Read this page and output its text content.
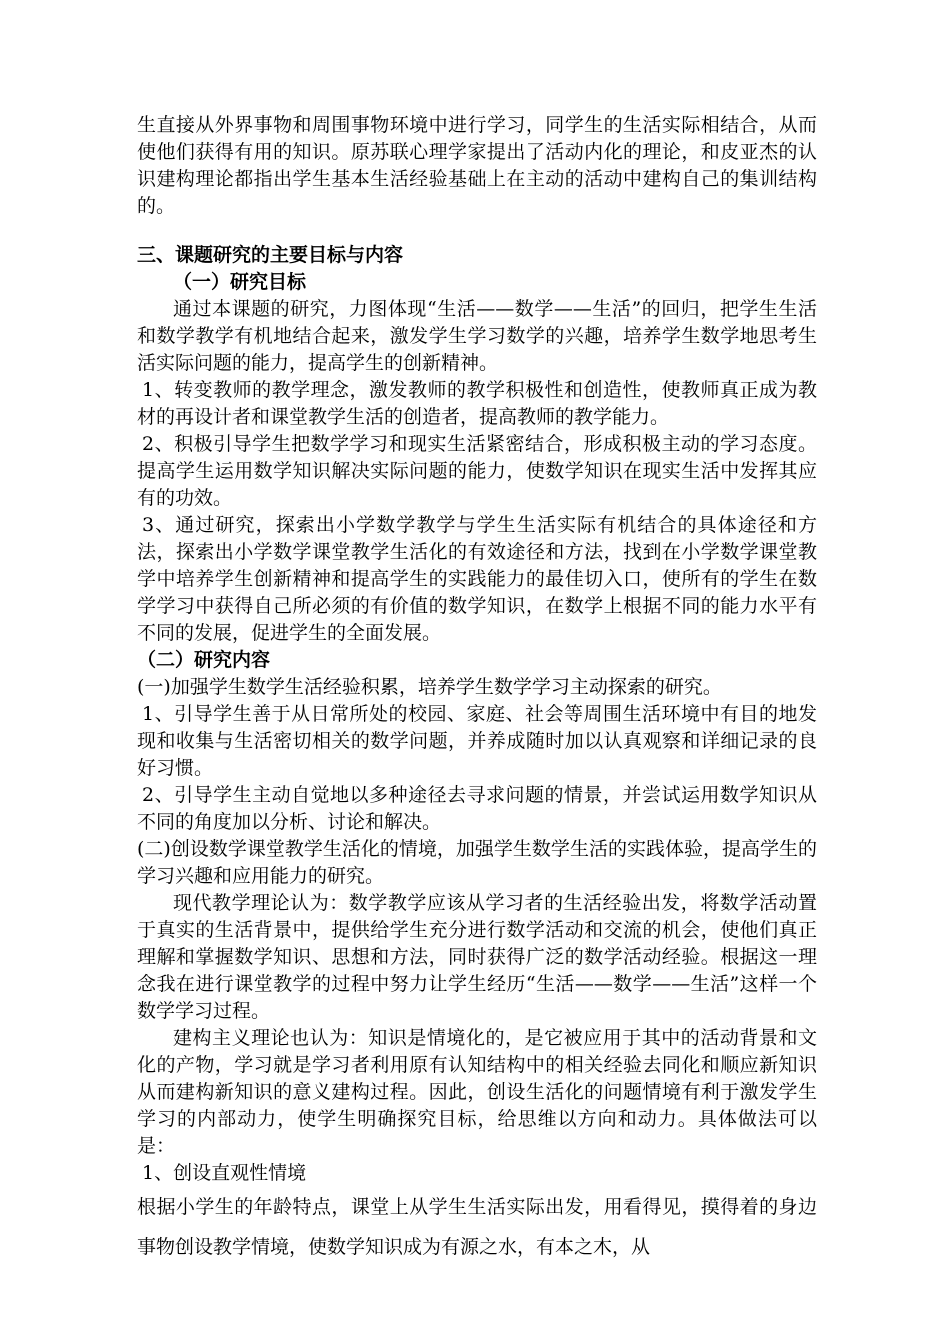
生直接从外界事物和周围事物环境中进行学习，同学生的生活实际相结合，从而使他们获得有用的知识。原苏联心理学家提出了活动内化的理论，和皮亚杰的认识建构理论都指出学生基本生活经验基础上在主动的活动中建构自己的集训结构的。

三、课题研究的主要目标与内容

（一）研究目标

通过本课题的研究，力图体现“生活——数学——生活”的回归，把学生生活和数学教学有机地结合起来，激发学生学习数学的兴趣，培养学生数学地思考生活实际问题的能力，提高学生的创新精神。

1、转变教师的教学理念，激发教师的教学积极性和创造性，使教师真正成为教材的再设计者和课堂教学生活的创造者，提高教师的教学能力。

2、积极引导学生把数学学习和现实生活紧密结合，形成积极主动的学习态度。提高学生运用数学知识解决实际问题的能力，使数学知识在现实生活中发挥其应有的功效。

3、通过研究，探索出小学数学教学与学生生活实际有机结合的具体途径和方法，探索出小学数学课堂教学生活化的有效途径和方法，找到在小学数学课堂教学中培养学生创新精神和提高学生的实践能力的最佳切入口，使所有的学生在数学学习中获得自己所必须的有价值的数学知识，在数学上根据不同的能力水平有不同的发展，促进学生的全面发展。

（二）研究内容

(一)加强学生数学生活经验积累，培养学生数学学习主动探索的研究。

1、引导学生善于从日常所处的校园、家庭、社会等周围生活环境中有目的地发现和收集与生活密切相关的数学问题，并养成随时加以认真观察和详细记录的良好习惯。

2、引导学生主动自觉地以多种途径去寻求问题的情景，并尝试运用数学知识从不同的角度加以分析、讨论和解决。

(二)创设数学课堂教学生活化的情境，加强学生数学生活的实践体验，提高学生的学习兴趣和应用能力的研究。

现代教学理论认为：数学教学应该从学习者的生活经验出发，将数学活动置于真实的生活背景中，提供给学生充分进行数学活动和交流的机会，使他们真正理解和掌握数学知识、思想和方法，同时获得广泛的数学活动经验。根据这一理念我在进行课堂教学的过程中努力让学生经历“生活——数学——生活”这样一个数学学习过程。

建构主义理论也认为：知识是情境化的，是它被应用于其中的活动背景和文化的产物，学习就是学习者利用原有认知结构中的相关经验去同化和顺应新知识从而建构新知识的意义建构过程。因此，创设生活化的问题情境有利于激发学生学习的内部动力，使学生明确探究目标，给思维以方向和动力。具体做法可以是：

1、创设直观性情境

根据小学生的年龄特点，课堂上从学生生活实际出发，用看得见，摸得着的身边事物创设教学情境，使数学知识成为有源之水，有本之木，从
